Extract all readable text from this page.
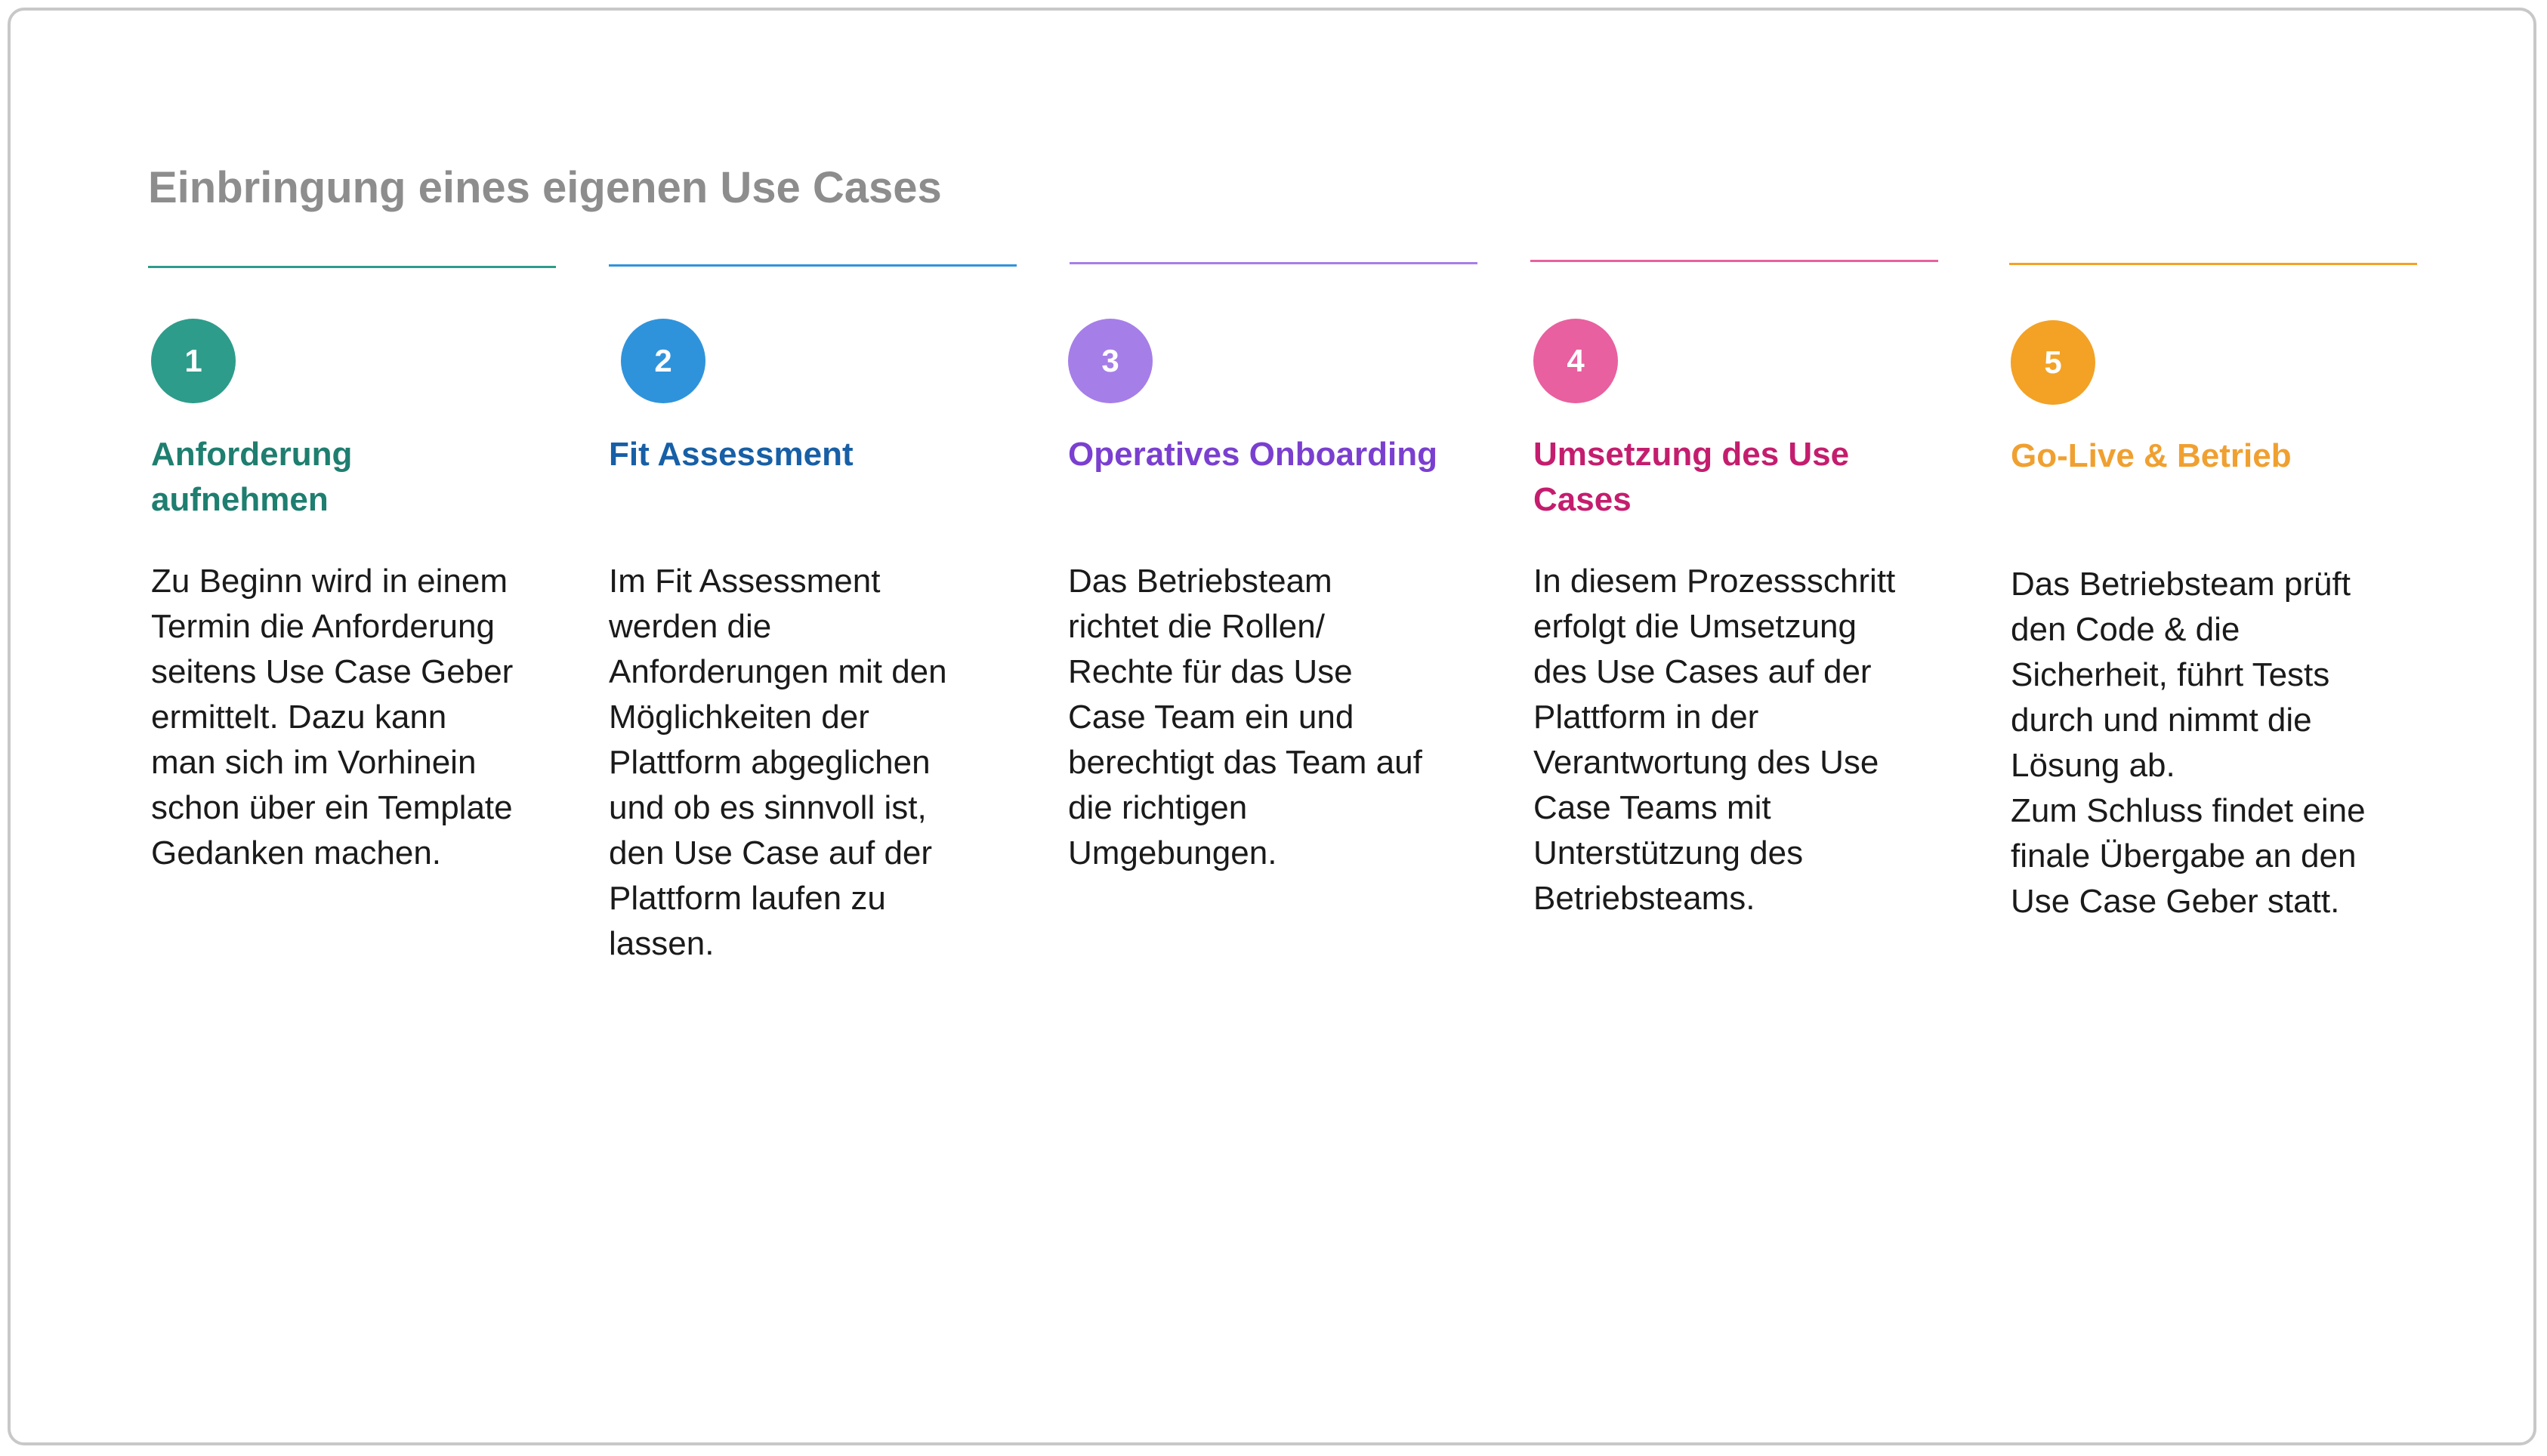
Einbringung eines eigenen Use Cases
1
Anforderung aufnehmen

Zu Beginn wird in einem Termin die Anforderung seitens Use Case Geber ermittelt. Dazu kann man sich im Vorhinein schon über ein Template Gedanken machen.

2
Fit Assessment

Im Fit Assessment werden die Anforderungen mit den Möglichkeiten der Plattform abgeglichen und ob es sinnvoll ist, den Use Case auf der Plattform laufen zu lassen.

3
Operatives Onboarding

Das Betriebsteam richtet die Rollen/ Rechte für das Use Case Team ein und berechtigt das Team auf die richtigen Umgebungen.

4
Umsetzung des Use Cases

In diesem Prozessschritt erfolgt die Umsetzung des Use Cases auf der Plattform in der Verantwortung des Use Case Teams mit Unterstützung des Betriebsteams.

5
Go-Live & Betrieb

Das Betriebsteam prüft den Code & die Sicherheit, führt Tests durch und nimmt die Lösung ab.
Zum Schluss findet eine finale Übergabe an den Use Case Geber statt.
